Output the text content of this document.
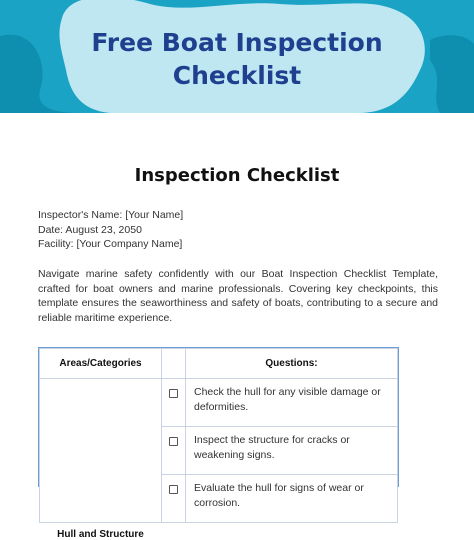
Free Boat Inspection
Checklist
Inspection Checklist
Inspector's Name: [Your Name]
Date: August 23, 2050
Facility: [Your Company Name]
Navigate marine safety confidently with our Boat Inspection Checklist Template, crafted for boat owners and marine professionals. Covering key checkpoints, this template ensures the seaworthiness and safety of boats, contributing to a secure and reliable maritime experience.
Areas/Categories		Questions:

Hull and Structure		Check the hull for any visible damage or deformities.
		Inspect the structure for cracks or weakening signs.
		Evaluate the hull for signs of wear or corrosion.
